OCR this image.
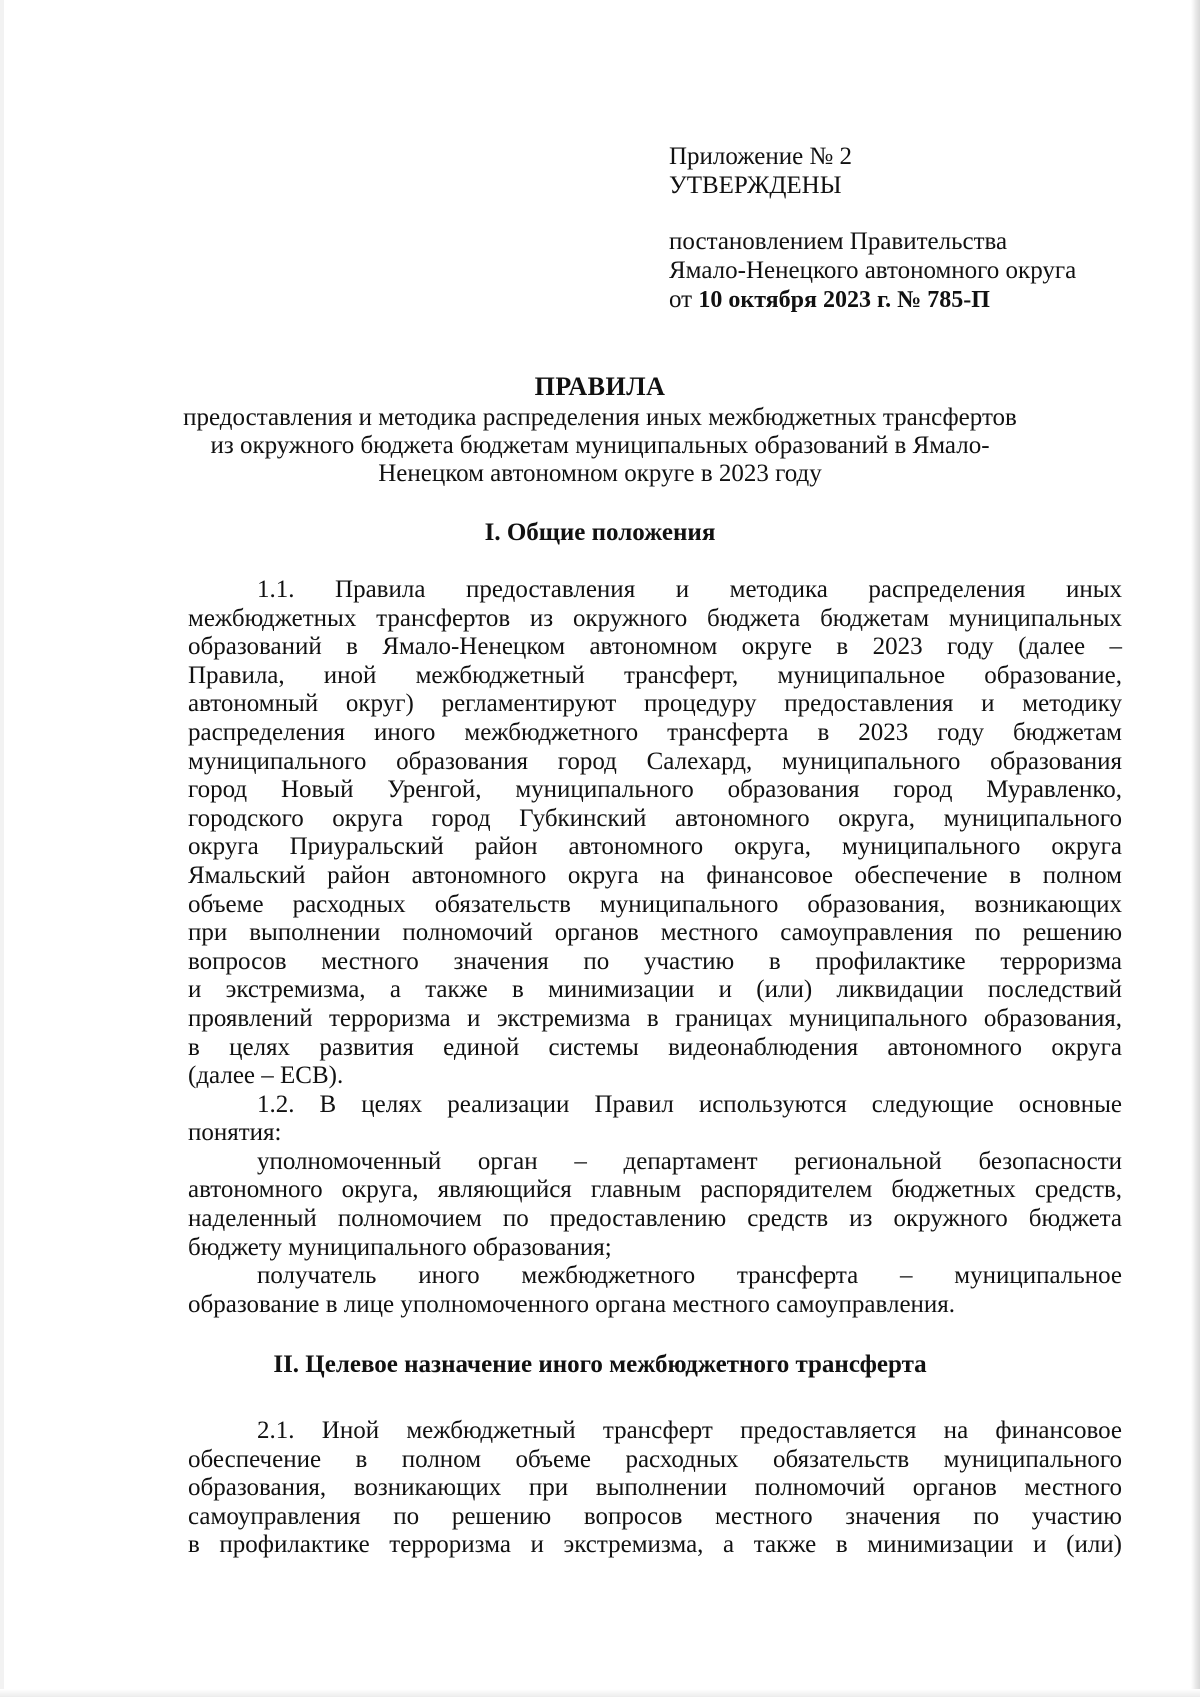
Приложение № 2
УТВЕРЖДЕНЫ
постановлением Правительства
Ямало-Ненецкого автономного округа
от 10 октября 2023 г. № 785-П
ПРАВИЛА
предоставления и методика распределения иных межбюджетных трансфертов
из окружного бюджета бюджетам муниципальных образований в Ямало-
Ненецком автономном округе в 2023 году
I. Общие положения
1.1. Правила предоставления и методика распределения иных
межбюджетных трансфертов из окружного бюджета бюджетам муниципальных
образований в Ямало-Ненецком автономном округе в 2023 году (далее –
Правила, иной межбюджетный трансферт, муниципальное образование,
автономный округ) регламентируют процедуру предоставления и методику
распределения иного межбюджетного трансферта в 2023 году бюджетам
муниципального образования город Салехард, муниципального образования
город Новый Уренгой, муниципального образования город Муравленко,
городского округа город Губкинский автономного округа, муниципального
округа Приуральский район автономного округа, муниципального округа
Ямальский район автономного округа на финансовое обеспечение в полном
объеме расходных обязательств муниципального образования, возникающих
при выполнении полномочий органов местного самоуправления по решению
вопросов местного значения по участию в профилактике терроризма
и экстремизма, а также в минимизации и (или) ликвидации последствий
проявлений терроризма и экстремизма в границах муниципального образования,
в целях развития единой системы видеонаблюдения автономного округа
(далее – ЕСВ).
1.2. В целях реализации Правил используются следующие основные
понятия:
уполномоченный орган – департамент региональной безопасности
автономного округа, являющийся главным распорядителем бюджетных средств,
наделенный полномочием по предоставлению средств из окружного бюджета
бюджету муниципального образования;
получатель иного межбюджетного трансферта – муниципальное
образование в лице уполномоченного органа местного самоуправления.
II. Целевое назначение иного межбюджетного трансферта
2.1. Иной межбюджетный трансферт предоставляется на финансовое
обеспечение в полном объеме расходных обязательств муниципального
образования, возникающих при выполнении полномочий органов местного
самоуправления по решению вопросов местного значения по участию
в профилактике терроризма и экстремизма, а также в минимизации и (или)
